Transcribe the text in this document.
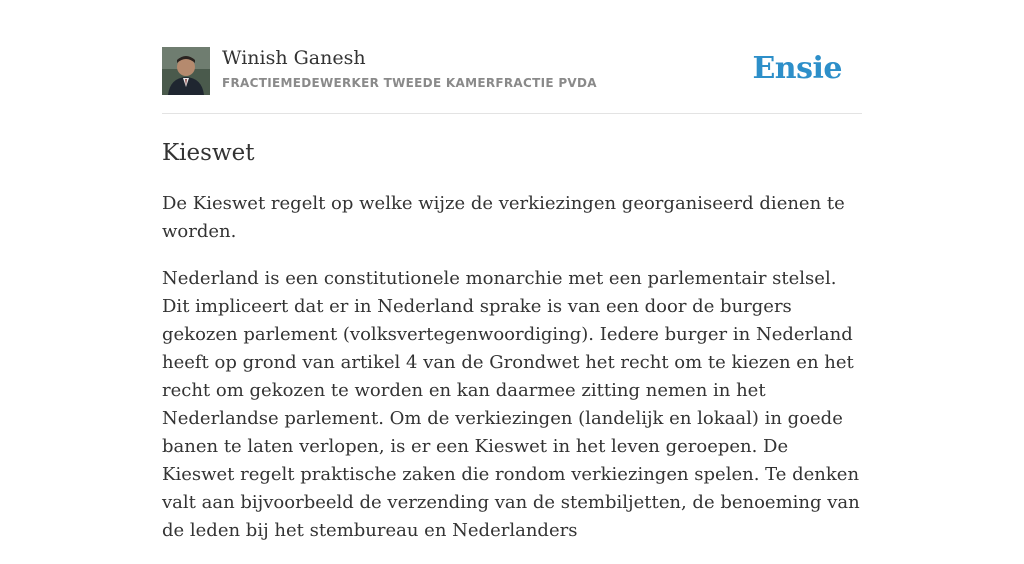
Winish Ganesh
FRACTIEMEDEWERKER TWEEDE KAMERFRACTIE PVDA	Ensie
Kieswet

De Kieswet regelt op welke wijze de verkiezingen georganiseerd dienen te worden.

Nederland is een constitutionele monarchie met een parlementair stelsel. Dit impliceert dat er in Nederland sprake is van een door de burgers gekozen parlement (volksvertegenwoordiging). Iedere burger in Nederland heeft op grond van artikel 4 van de Grondwet het recht om te kiezen en het recht om gekozen te worden en kan daarmee zitting nemen in het Nederlandse parlement. Om de verkiezingen (landelijk en lokaal) in goede banen te laten verlopen, is er een Kieswet in het leven geroepen. De Kieswet regelt praktische zaken die rondom verkiezingen spelen. Te denken valt aan bijvoorbeeld de verzending van de stembiljetten, de benoeming van de leden bij het stembureau en Nederlanders
